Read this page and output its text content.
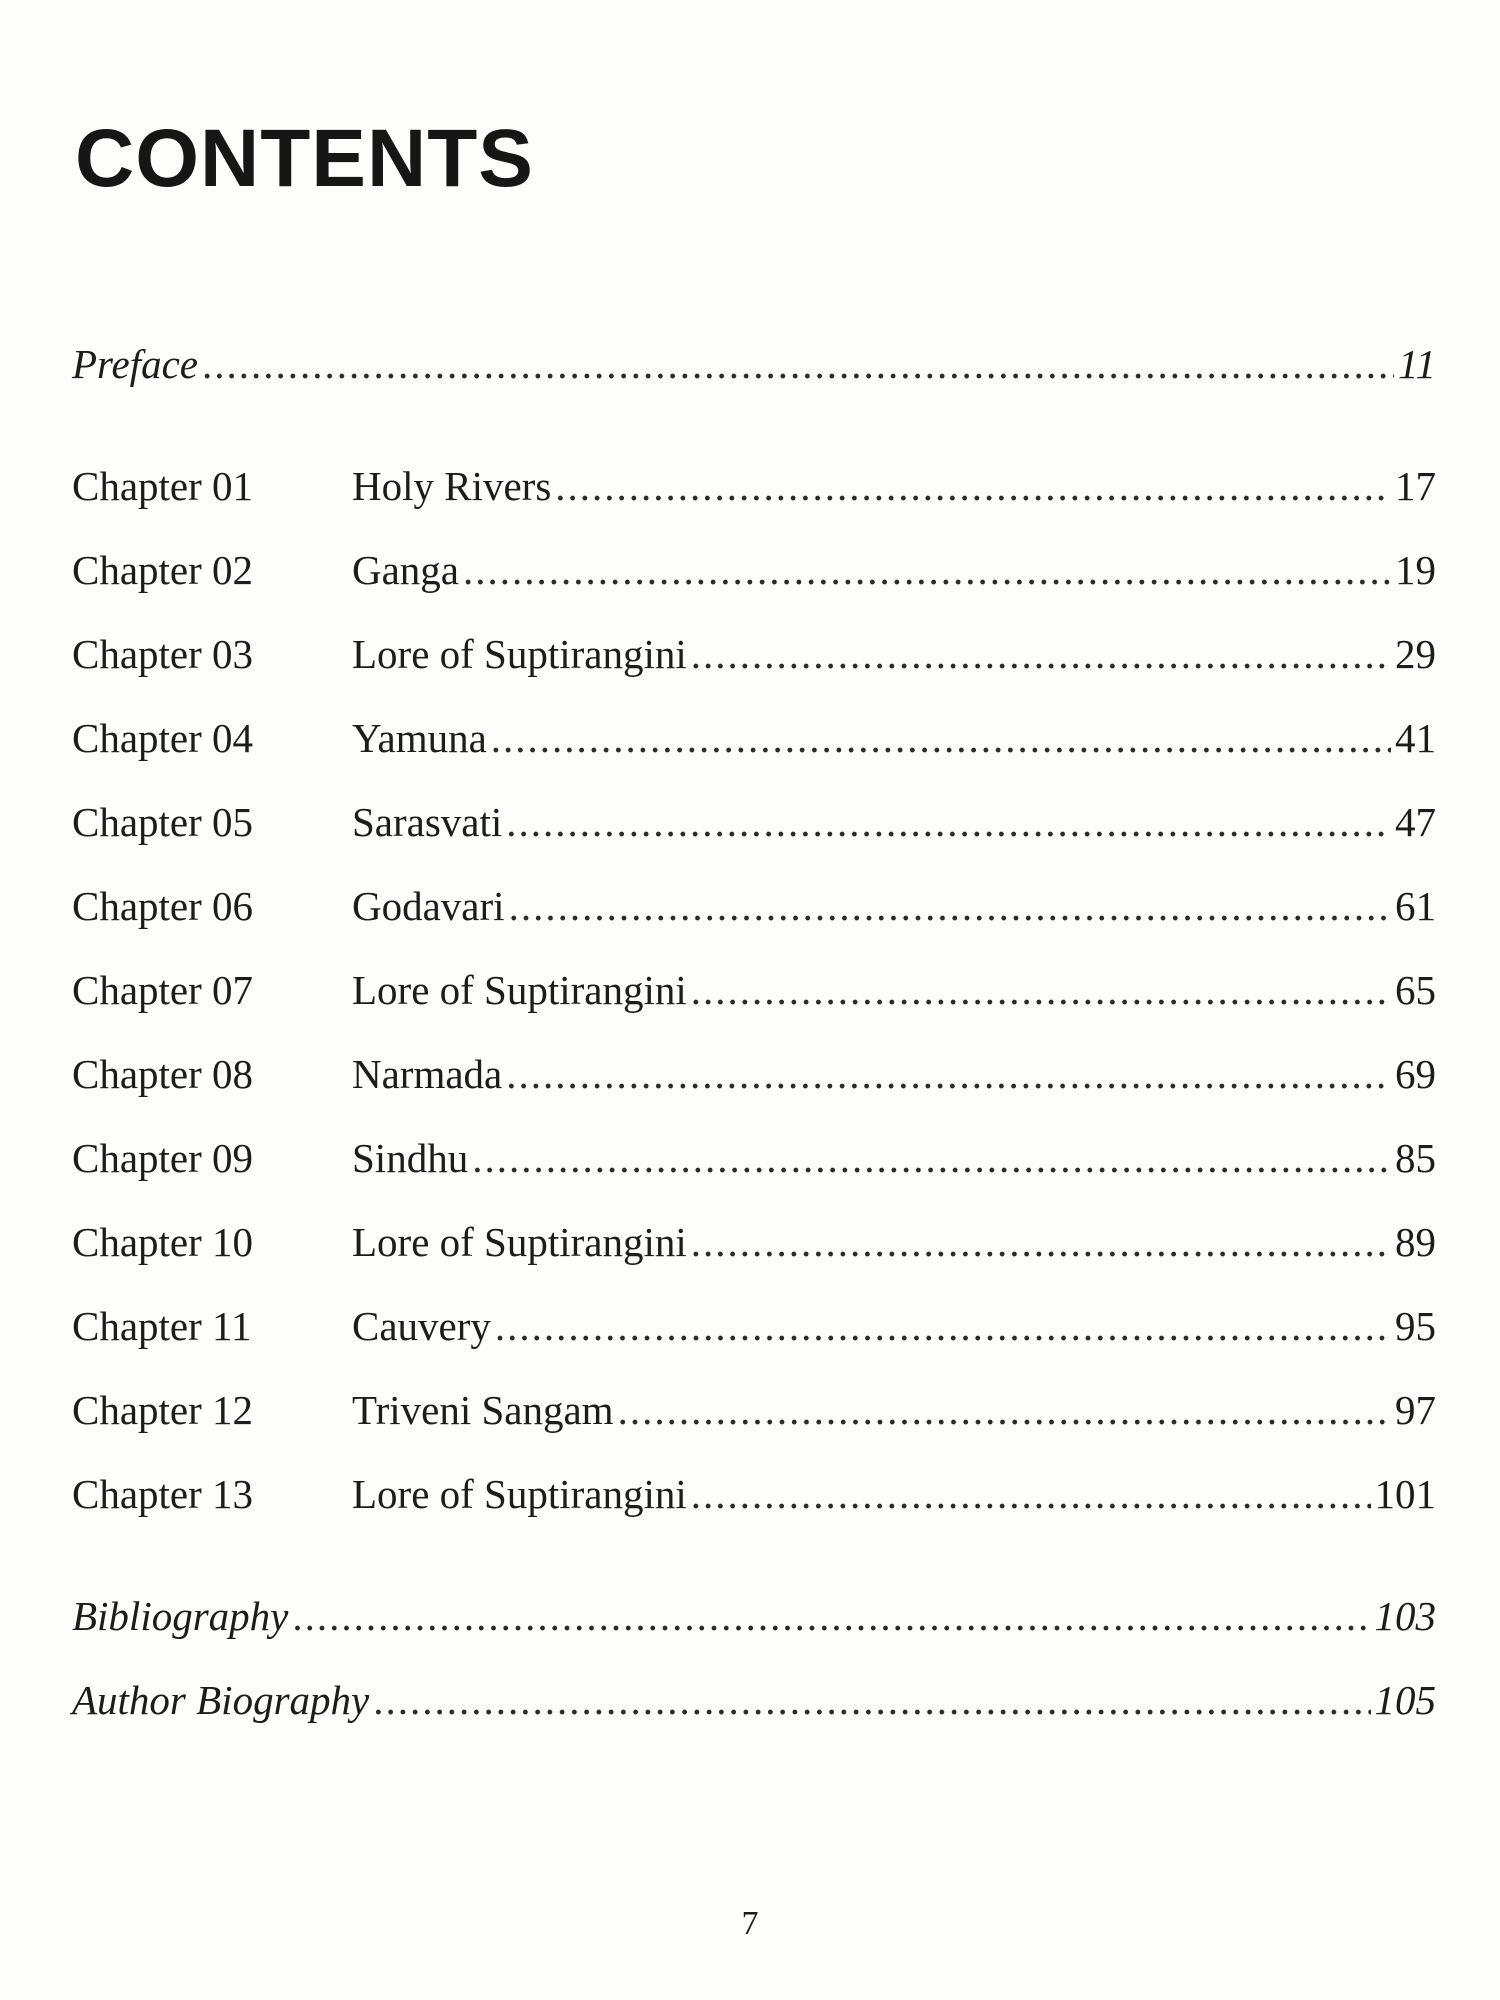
CONTENTS
Preface .....	11
Chapter 01	Holy Rivers .....	17
Chapter 02	Ganga .....	19
Chapter 03	Lore of Suptirangini .....	29
Chapter 04	Yamuna .....	41
Chapter 05	Sarasvati .....	47
Chapter 06	Godavari .....	61
Chapter 07	Lore of Suptirangini .....	65
Chapter 08	Narmada .....	69
Chapter 09	Sindhu .....	85
Chapter 10	Lore of Suptirangini .....	89
Chapter 11	Cauvery .....	95
Chapter 12	Triveni Sangam .....	97
Chapter 13	Lore of Suptirangini .....	101
Bibliography .....	103
Author Biography .....	105
7
